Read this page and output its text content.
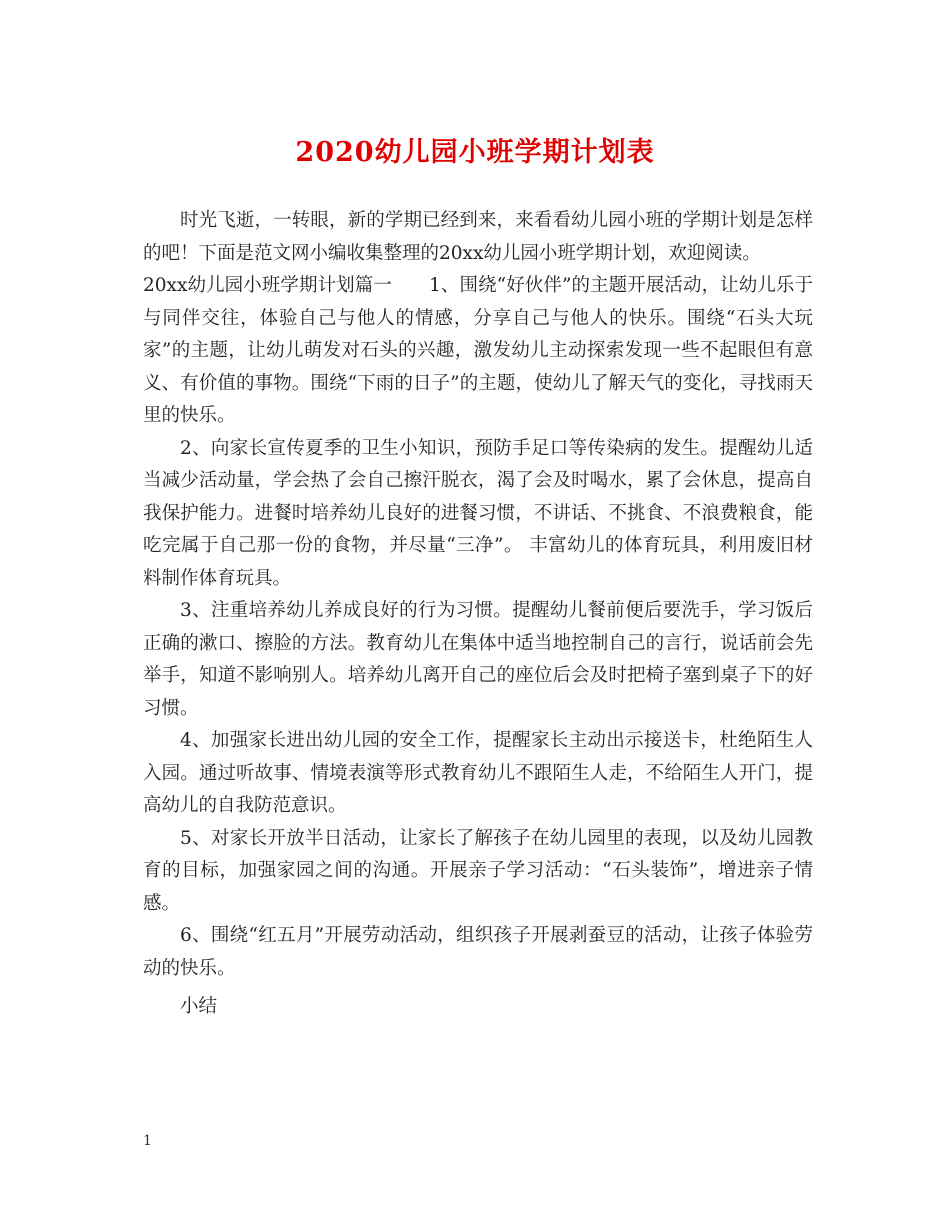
2020幼儿园小班学期计划表

时光飞逝，一转眼，新的学期已经到来，来看看幼儿园小班的学期计划是怎样的吧！下面是范文网小编收集整理的20xx幼儿园小班学期计划，欢迎阅读。

20xx幼儿园小班学期计划篇一　　1、围绕“好伙伴”的主题开展活动，让幼儿乐于与同伴交往，体验自己与他人的情感，分享自己与他人的快乐。围绕“石头大玩家”的主题，让幼儿萌发对石头的兴趣，激发幼儿主动探索发现一些不起眼但有意义、有价值的事物。围绕“下雨的日子”的主题，使幼儿了解天气的变化，寻找雨天里的快乐。

2、向家长宣传夏季的卫生小知识，预防手足口等传染病的发生。提醒幼儿适当减少活动量，学会热了会自己擦汗脱衣，渴了会及时喝水，累了会休息，提高自我保护能力。进餐时培养幼儿良好的进餐习惯，不讲话、不挑食、不浪费粮食，能吃完属于自己那一份的食物，并尽量“三净”。 丰富幼儿的体育玩具，利用废旧材料制作体育玩具。

3、注重培养幼儿养成良好的行为习惯。提醒幼儿餐前便后要洗手，学习饭后正确的漱口、擦脸的方法。教育幼儿在集体中适当地控制自己的言行，说话前会先举手，知道不影响别人。培养幼儿离开自己的座位后会及时把椅子塞到桌子下的好习惯。

4、加强家长进出幼儿园的安全工作，提醒家长主动出示接送卡，杜绝陌生人入园。通过听故事、情境表演等形式教育幼儿不跟陌生人走，不给陌生人开门，提高幼儿的自我防范意识。

5、对家长开放半日活动，让家长了解孩子在幼儿园里的表现，以及幼儿园教育的目标，加强家园之间的沟通。开展亲子学习活动：“石头装饰”，增进亲子情感。

6、围绕“红五月”开展劳动活动，组织孩子开展剥蚕豆的活动，让孩子体验劳动的快乐。

小结

1
